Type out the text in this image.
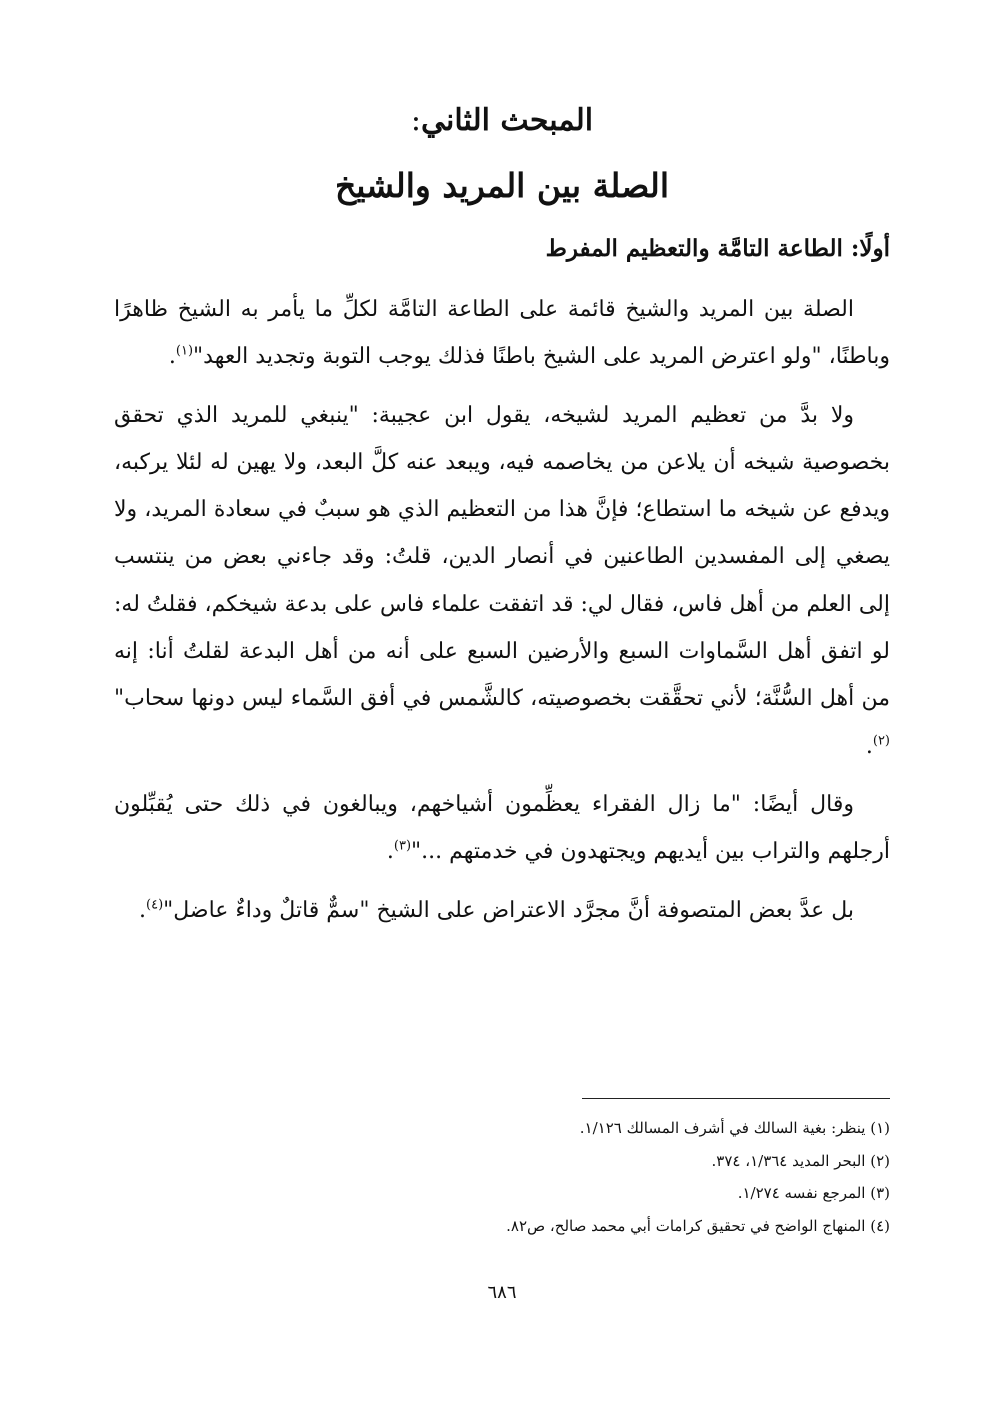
المبحث الثاني:
الصلة بين المريد والشيخ
أولًا: الطاعة التامَّة والتعظيم المفرط

الصلة بين المريد والشيخ قائمة على الطاعة التامَّة لكلِّ ما يأمر به الشيخ ظاهرًا وباطنًا، "ولو اعترض المريد على الشيخ باطنًا فذلك يوجب التوبة وتجديد العهد"$^{(١)}$.

ولا بدَّ من تعظيم المريد لشيخه، يقول ابن عجيبة: "ينبغي للمريد الذي تحقق بخصوصية شيخه أن يلاعن من يخاصمه فيه، ويبعد عنه كلَّ البعد، ولا يهين له لئلا يركبه، ويدفع عن شيخه ما استطاع؛ فإنَّ هذا من التعظيم الذي هو سببٌ في سعادة المريد، ولا يصغي إلى المفسدين الطاعنين في أنصار الدين، قلتُ: وقد جاءني بعض من ينتسب إلى العلم من أهل فاس، فقال لي: قد اتفقت علماء فاس على بدعة شيخكم، فقلتُ له: لو اتفق أهل السَّماوات السبع والأرضين السبع على أنه من أهل البدعة لقلتُ أنا: إنه من أهل السُّنَّة؛ لأني تحقَّقت بخصوصيته، كالشَّمس في أفق السَّماء ليس دونها سحاب"$^{(٢)}$.

وقال أيضًا: "ما زال الفقراء يعظِّمون أشياخهم، ويبالغون في ذلك حتى يُقبِّلون أرجلهم والتراب بين أيديهم ويجتهدون في خدمتهم ..."$^{(٣)}$.

بل عدَّ بعض المتصوفة أنَّ مجرَّد الاعتراض على الشيخ "سمٌّ قاتلٌ وداءٌ عاضل"$^{(٤)}$.

(١) ينظر: بغية السالك في أشرف المسالك ١/١٢٦.
(٢) البحر المديد ١/٣٦٤، ٣٧٤.
(٣) المرجع نفسه ١/٢٧٤.
(٤) المنهاج الواضح في تحقيق كرامات أبي محمد صالح، ص٨٢.
٦٨٦
